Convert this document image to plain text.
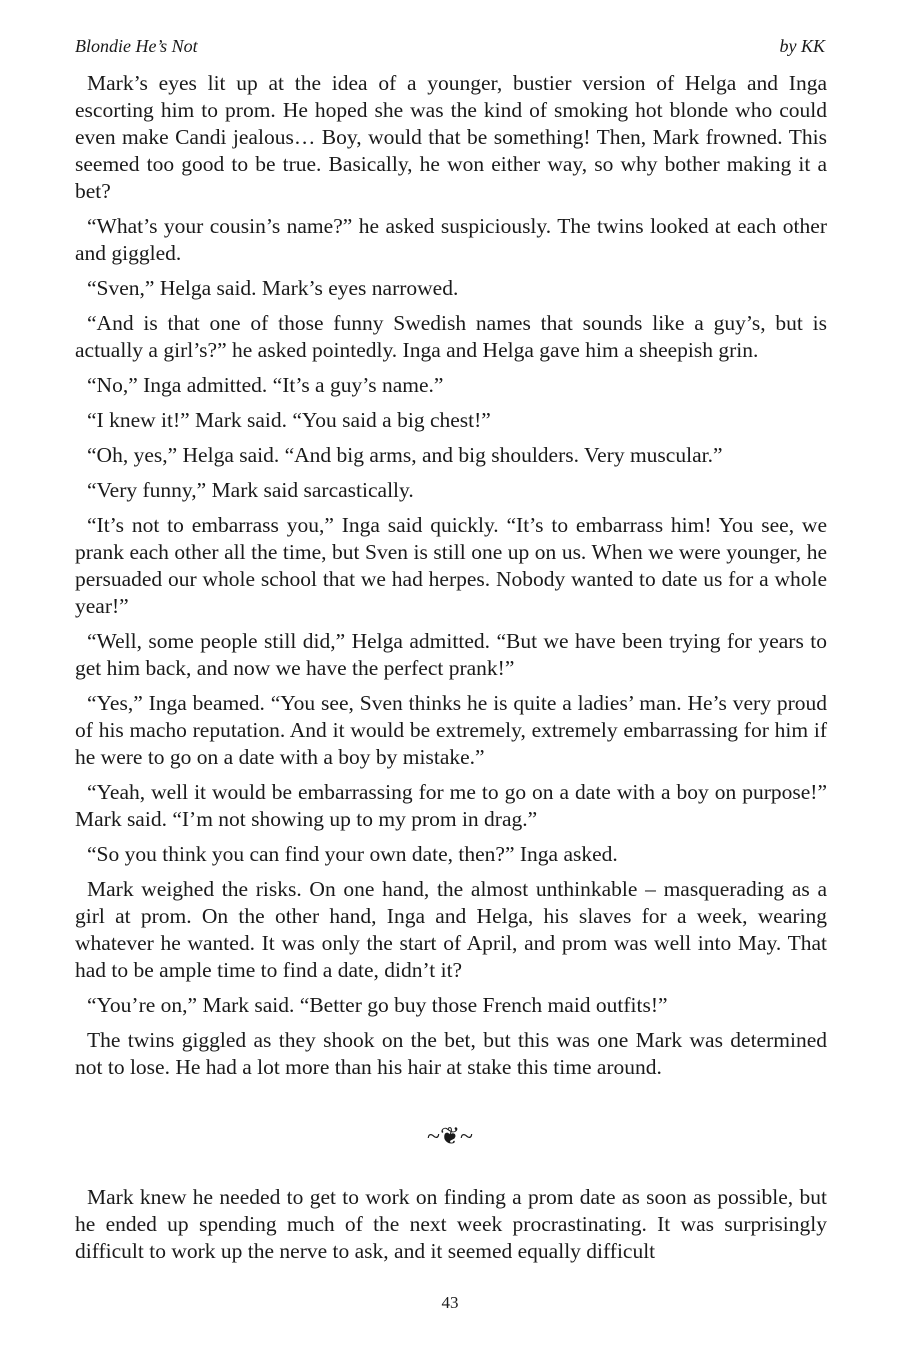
Blondie He’s Not	by KK

Mark’s eyes lit up at the idea of a younger, bustier version of Helga and Inga escorting him to prom. He hoped she was the kind of smoking hot blonde who could even make Candi jealous… Boy, would that be something! Then, Mark frowned. This seemed too good to be true. Basically, he won either way, so why bother making it a bet?

“What’s your cousin’s name?” he asked suspiciously. The twins looked at each other and giggled.

“Sven,” Helga said. Mark’s eyes narrowed.

“And is that one of those funny Swedish names that sounds like a guy’s, but is actually a girl’s?” he asked pointedly. Inga and Helga gave him a sheepish grin.

“No,” Inga admitted. “It’s a guy’s name.”

“I knew it!” Mark said. “You said a big chest!”

“Oh, yes,” Helga said. “And big arms, and big shoulders. Very muscular.”

“Very funny,” Mark said sarcastically.

“It’s not to embarrass you,” Inga said quickly. “It’s to embarrass him! You see, we prank each other all the time, but Sven is still one up on us. When we were younger, he persuaded our whole school that we had herpes. Nobody wanted to date us for a whole year!”

“Well, some people still did,” Helga admitted. “But we have been trying for years to get him back, and now we have the perfect prank!”

“Yes,” Inga beamed. “You see, Sven thinks he is quite a ladies’ man. He’s very proud of his macho reputation. And it would be extremely, extremely embarrassing for him if he were to go on a date with a boy by mistake.”

“Yeah, well it would be embarrassing for me to go on a date with a boy on purpose!” Mark said. “I’m not showing up to my prom in drag.”

“So you think you can find your own date, then?” Inga asked.

Mark weighed the risks. On one hand, the almost unthinkable – masquerading as a girl at prom. On the other hand, Inga and Helga, his slaves for a week, wearing whatever he wanted. It was only the start of April, and prom was well into May. That had to be ample time to find a date, didn’t it?

“You’re on,” Mark said. “Better go buy those French maid outfits!”

The twins giggled as they shook on the bet, but this was one Mark was determined not to lose. He had a lot more than his hair at stake this time around.

~❦~

Mark knew he needed to get to work on finding a prom date as soon as possible, but he ended up spending much of the next week procrastinating. It was surprisingly difficult to work up the nerve to ask, and it seemed equally difficult

43
